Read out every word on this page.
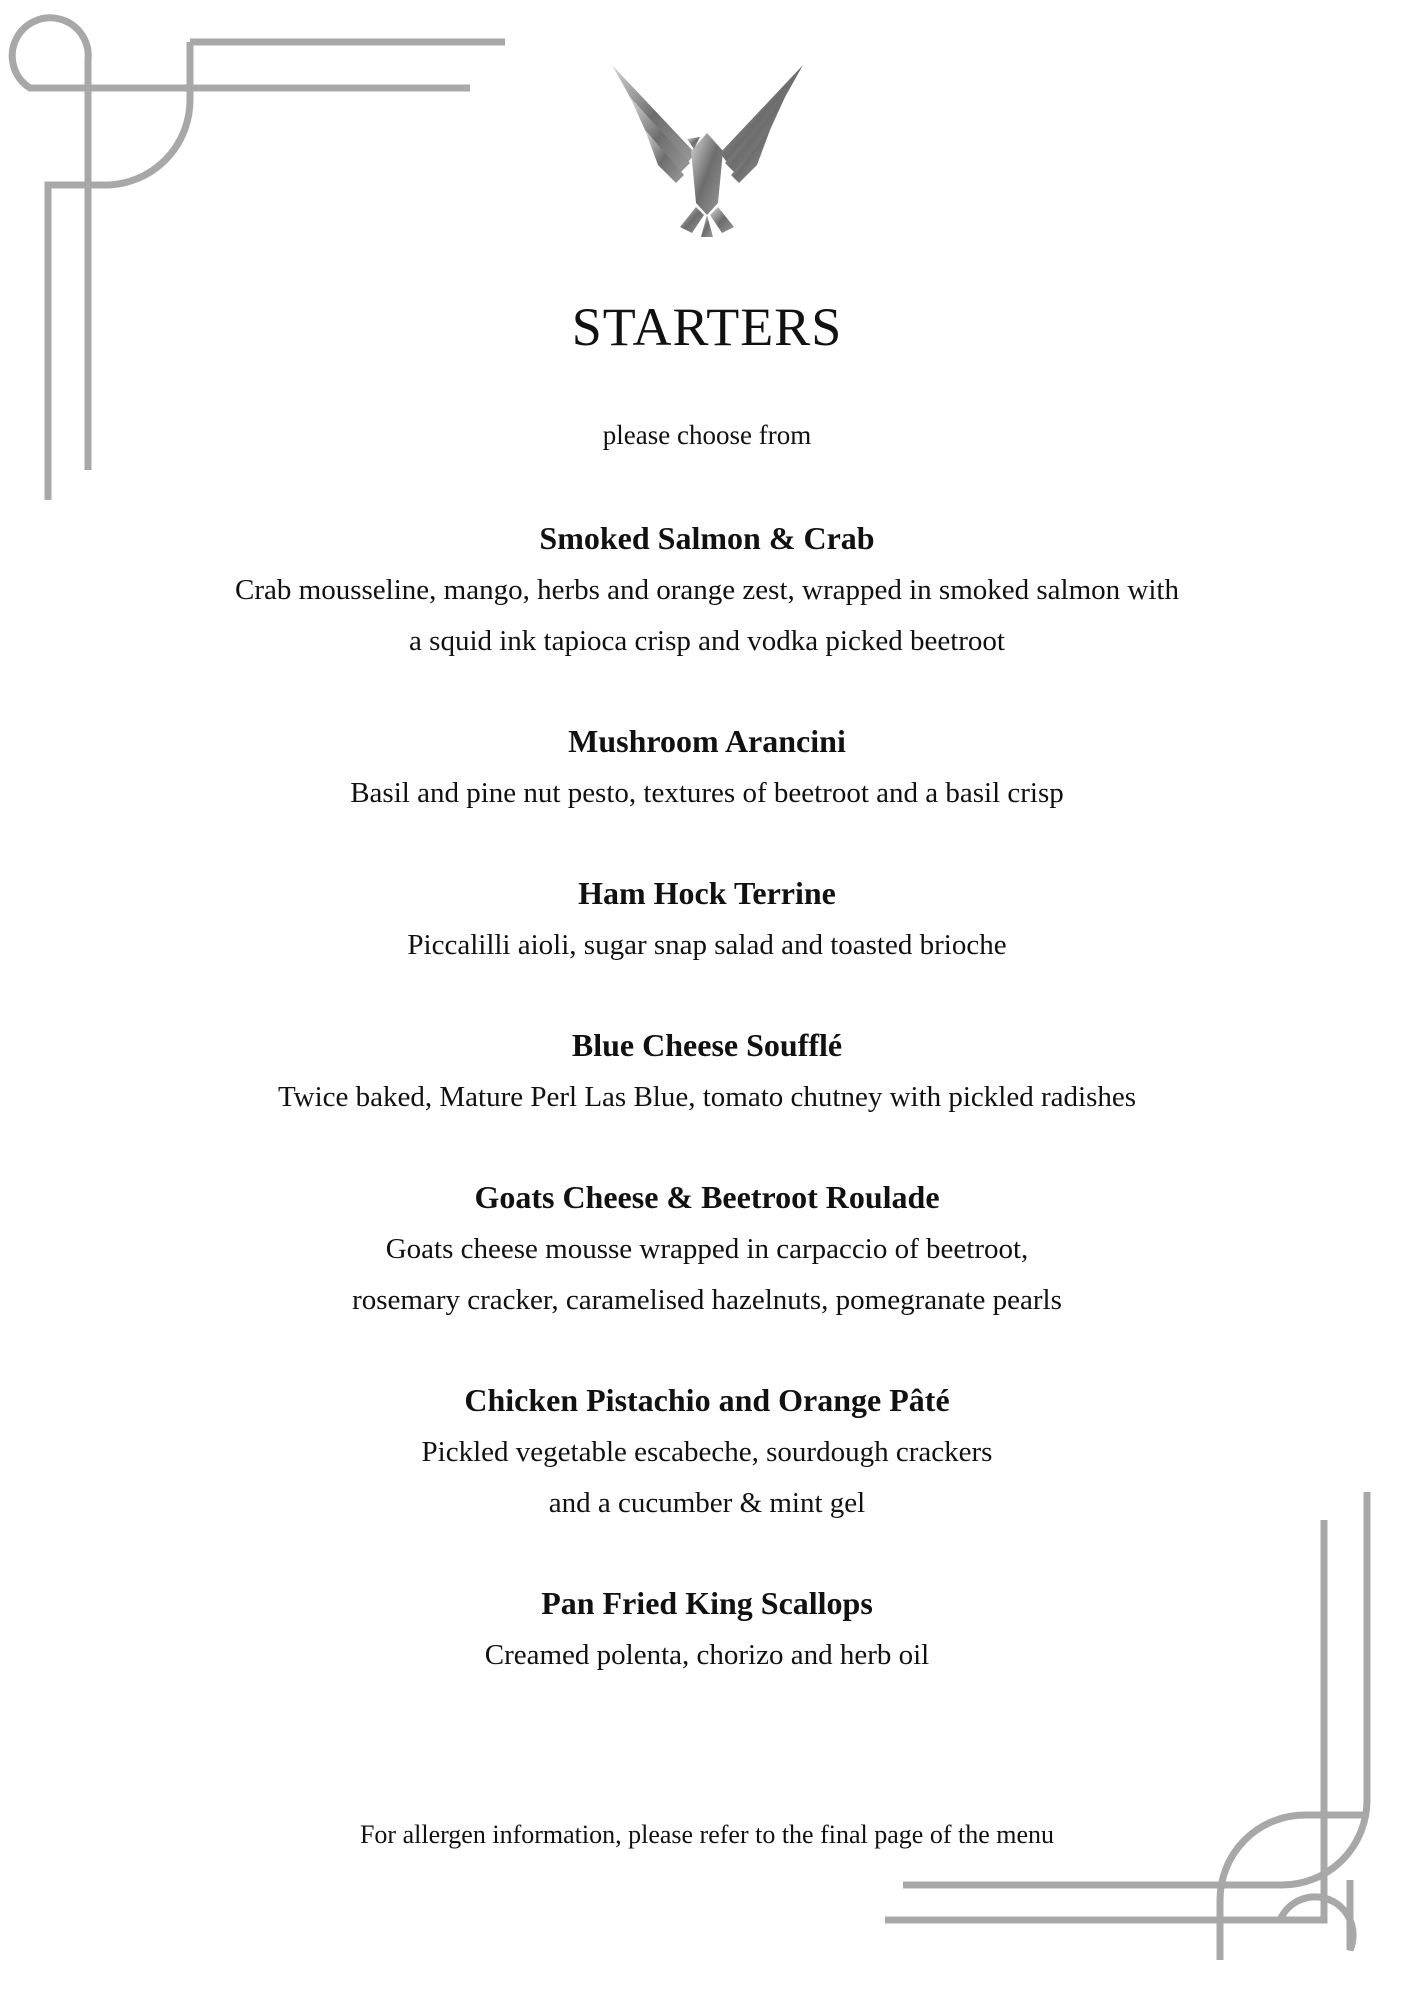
STARTERS
please choose from
Smoked Salmon & Crab
Crab mousseline, mango, herbs and orange zest, wrapped in smoked salmon with
a squid ink tapioca crisp and vodka picked beetroot
Mushroom Arancini
Basil and pine nut pesto, textures of beetroot and a basil crisp
Ham Hock Terrine
Piccalilli aioli, sugar snap salad and toasted brioche
Blue Cheese Soufflé
Twice baked, Mature Perl Las Blue, tomato chutney with pickled radishes
Goats Cheese & Beetroot Roulade
Goats cheese mousse wrapped in carpaccio of beetroot,
rosemary cracker, caramelised hazelnuts, pomegranate pearls
Chicken Pistachio and Orange Pâté
Pickled vegetable escabeche, sourdough crackers
and a cucumber & mint gel
Pan Fried King Scallops
Creamed polenta, chorizo and herb oil
For allergen information, please refer to the final page of the menu
